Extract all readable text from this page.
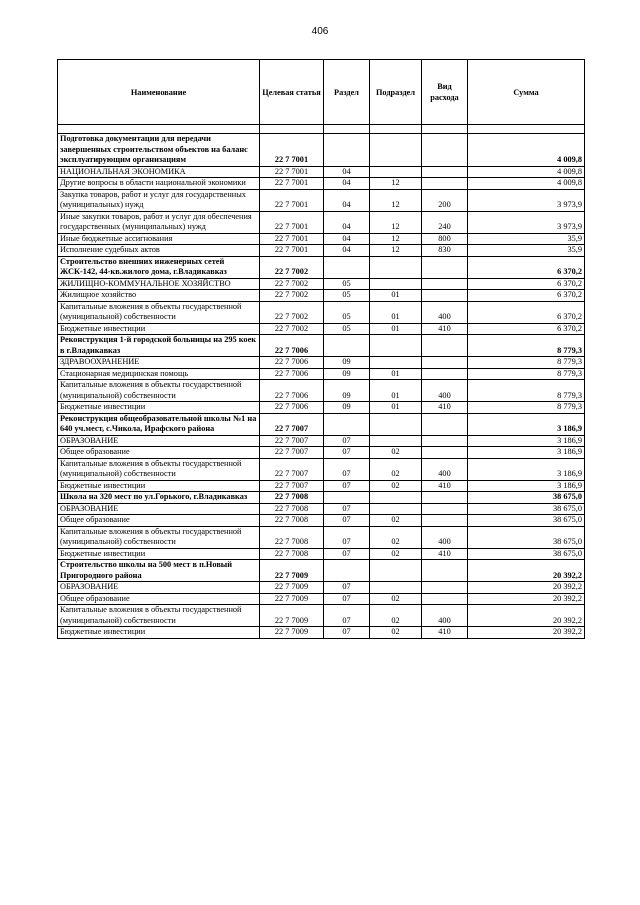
406
Наименование	Целевая статья	Раздел	Подраздел	Вид расхода	Сумма

Подготовка документации для передачи завершенных строительством объектов на баланс эксплуатирующим организациям	22 7 7001				4 009,8
НАЦИОНАЛЬНАЯ ЭКОНОМИКА	22 7 7001	04			4 009,8
Другие вопросы в области национальной экономики	22 7 7001	04	12		4 009,8
Закупка товаров, работ и услуг для государственных (муниципальных) нужд	22 7 7001	04	12	200	3 973,9
Иные закупки товаров, работ и услуг для обеспечения государственных (муниципальных) нужд	22 7 7001	04	12	240	3 973,9
Иные бюджетные ассигнования	22 7 7001	04	12	800	35,9
Исполнение судебных актов	22 7 7001	04	12	830	35,9
Строительство внешних инженерных сетей ЖСК-142, 44-кв.жилого дома, г.Владикавказ	22 7 7002				6 370,2
ЖИЛИЩНО-КОММУНАЛЬНОЕ ХОЗЯЙСТВО	22 7 7002	05			6 370,2
Жилищное хозяйство	22 7 7002	05	01		6 370,2
Капитальные вложения в объекты государственной (муниципальной) собственности	22 7 7002	05	01	400	6 370,2
Бюджетные инвестиции	22 7 7002	05	01	410	6 370,2
Реконструкция 1-й городской больницы на 295 коек в г.Владикавказ	22 7 7006				8 779,3
ЗДРАВООХРАНЕНИЕ	22 7 7006	09			8 779,3
Стационарная медицинская помощь	22 7 7006	09	01		8 779,3
Капитальные вложения в объекты государственной (муниципальной) собственности	22 7 7006	09	01	400	8 779,3
Бюджетные инвестиции	22 7 7006	09	01	410	8 779,3
Реконструкция общеобразовательной школы №1 на 640 уч.мест, с.Чикола, Ирафского района	22 7 7007				3 186,9
ОБРАЗОВАНИЕ	22 7 7007	07			3 186,9
Общее образование	22 7 7007	07	02		3 186,9
Капитальные вложения в объекты государственной (муниципальной) собственности	22 7 7007	07	02	400	3 186,9
Бюджетные инвестиции	22 7 7007	07	02	410	3 186,9
Школа на 320 мест по ул.Горького, г.Владикавказ	22 7 7008				38 675,0
ОБРАЗОВАНИЕ	22 7 7008	07			38 675,0
Общее образование	22 7 7008	07	02		38 675,0
Капитальные вложения в объекты государственной (муниципальной) собственности	22 7 7008	07	02	400	38 675,0
Бюджетные инвестиции	22 7 7008	07	02	410	38 675,0
Строительство школы на 500 мест в п.Новый Пригородного района	22 7 7009				20 392,2
ОБРАЗОВАНИЕ	22 7 7009	07			20 392,2
Общее образование	22 7 7009	07	02		20 392,2
Капитальные вложения в объекты государственной (муниципальной) собственности	22 7 7009	07	02	400	20 392,2
Бюджетные инвестиции	22 7 7009	07	02	410	20 392,2
